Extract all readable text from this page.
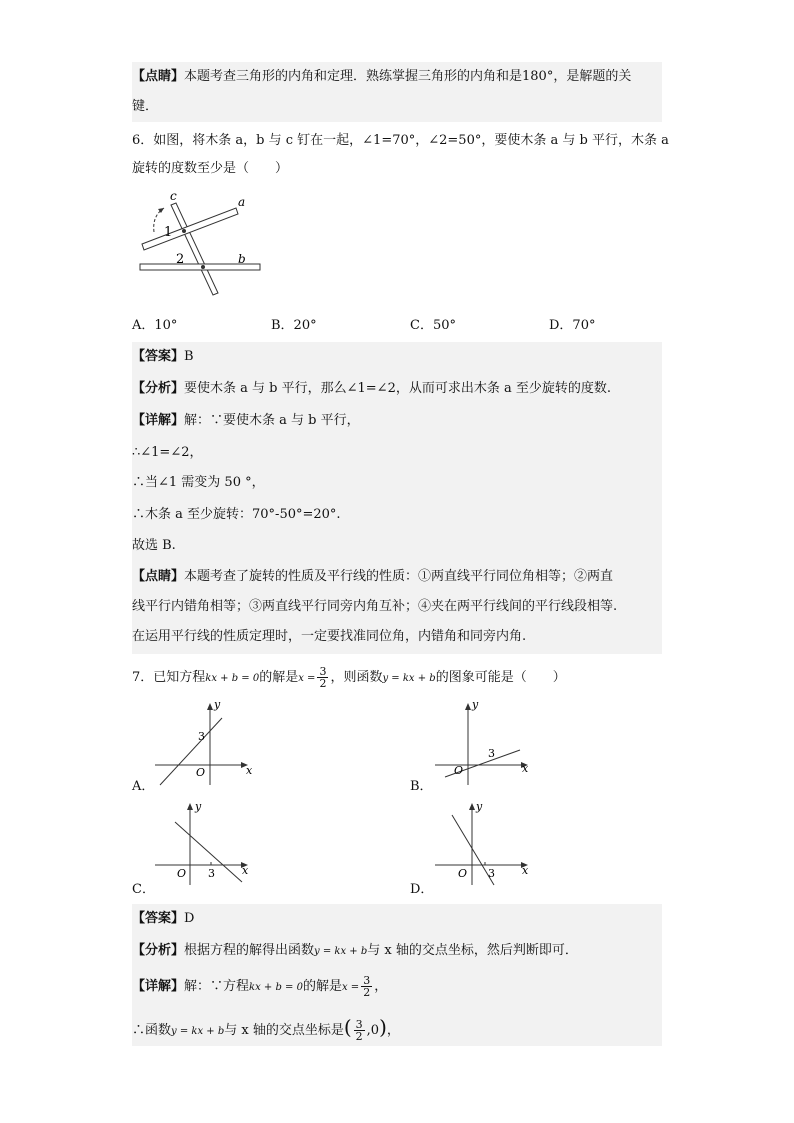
【点睛】本题考查三角形的内角和定理．熟练掌握三角形的内角和是180°，是解题的关
键．
6．如图，将木条 a，b 与 c 钉在一起，∠1=70°，∠2=50°，要使木条 a 与 b 平行，木条 a
旋转的度数至少是（　　）
c	a
b
1
2
A．10°	B．20°	C．50°	D．70°
【答案】B
【分析】要使木条 a 与 b 平行，那么∠1=∠2，从而可求出木条 a 至少旋转的度数.
【详解】解：∵要使木条 a 与 b 平行，
∴∠1=∠2，
∴当∠1 需变为 50 °，
∴木条 a 至少旋转：70°-50°=20°.
故选 B.
【点睛】本题考查了旋转的性质及平行线的性质：①两直线平行同位角相等；②两直
线平行内错角相等；③两直线平行同旁内角互补；④夹在两平行线间的平行线段相等.
在运用平行线的性质定理时，一定要找准同位角，内错角和同旁内角.
7．已知方程kx + b = 0的解是$x = \frac{3}{2}$ ，则函数y = kx + b的图象可能是（　　）
A．
y
x
O
3
B．
y
x
O
3
C．
y
x
O 3
D．
y
x
O 3
【答案】D
【分析】根据方程的解得出函数y = kx + b与 x 轴的交点坐标，然后判断即可．
【详解】解：∵方程kx + b = 0的解是$x = \frac{3}{2}$ ，
∴函数y = kx + b与 x 轴的交点坐标是( $\frac{3}{2} ,0$)，
